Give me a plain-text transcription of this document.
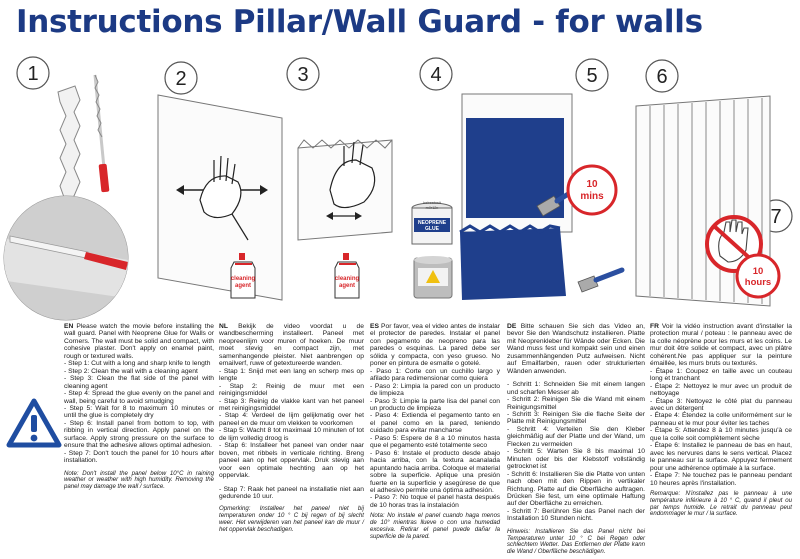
Instructions Pillar/Wall Guard - for walls
1	2	3	4	5	6
7
cleaning
agent
cleaning
agent
bebeatosit
m0r12x
NEOPRENE
GLUE
10
mins
10
hours

EN Please watch the movie before installing the wall guard. Panel with Neoprene Glue for Walls or Corners. The wall must be solid and compact, with cohesive plaster. Don't apply on enamel paint, rough or textured walls.

- Step 1: Cut with a long and sharp knife to length

- Step 2: Clean the wall with a cleaning agent

- Step 3: Clean the flat side of the panel with cleaning agent

- Step 4: Spread the glue evenly on the panel and wall, being careful to avoid smudging

- Step 5: Wait for 8 to maximum 10 minutes or until the glue is completely dry

- Step 6: Install panel from bottom to top, with ribbing in vertical direction. Apply panel on the surface. Apply strong pressure on the surface to ensure that the adhesive allows optimal adhesion.

- Step 7: Don't touch the panel for 10 hours after installation.

Note: Don't install the panel below 10°C in raining weather or weather with high humidity. Removing the panel may damage the wall / surface.

NL Bekijk de video voordat u de wandbescherming installeert. Paneel met neopreenlijm voor muren of hoeken. De muur moet stevig en compact zijn, met samenhangende pleister. Niet aanbrengen op emailverf, ruwe of getextureerde wanden.

- Stap 1: Snijd met een lang en scherp mes op lengte

- Stap 2: Reinig de muur met een reinigingsmiddel

- Stap 3: Reinig de vlakke kant van het paneel met reinigingsmiddel

- Stap 4: Verdeel de lijm gelijkmatig over het paneel en de muur om vlekken te voorkomen

- Stap 5: Wacht 8 tot maximaal 10 minuten of tot de lijm volledig droog is

- Stap 6: Installeer het paneel van onder naar boven, met ribbels in verticale richting. Breng paneel aan op het oppervlak. Druk stevig aan voor een optimale hechting aan op het oppervlak.

- Stap 7: Raak het paneel na installatie niet aan gedurende 10 uur.

Opmerking: Installeer het paneel niet bij temperaturen onder 10 ° C bij regen of bij slecht weer. Het verwijderen van het paneel kan de muur / het oppervlak beschadigen.

ES Por favor, vea el video antes de instalar el protector de paredes. Instalar el panel con pegamento de neopreno para las paredes o esquinas. La pared debe ser sólida y compacta, con yeso grueso. No poner en pintura de esmalte o gotelé.

- Paso 1: Corte con un cuchillo largo y afilado para redimensionar como quiera

- Paso 2: Limpia la pared con un producto de limpieza

- Paso 3: Limpie la parte lisa del panel con un producto de limpieza

- Paso 4: Extienda el pegamento tanto en el panel como en la pared, teniendo cuidado para evitar mancharse

- Paso 5: Espere de 8 a 10 minutos hasta que el pegamento esté totalmente seco

- Paso 6: Instale el producto desde abajo hacia arriba, con la textura acanalada apuntando hacia arriba. Coloque el material sobre la superficie. Aplique una presión fuerte en la superficie y asegúrese de que el adhesivo permite una óptima adhesión.

- Paso 7: No toque el panel hasta después de 10 horas tras la instalación

Nota: No instale el panel cuando haga menos de 10° mientras llueve o con una humedad excesiva. Retirar el panel puede dañar la superficie de la pared.

DE Bitte schauen Sie sich das Video an, bevor Sie den Wandschutz installieren. Platte mit Neoprenkleber für Wände oder Ecken. Die Wand muss fest und kompakt sein und einen zusammenhängenden Putz aufweisen. Nicht auf Emailfarben, rauen oder strukturierten Wänden anwenden.

- Schritt 1: Schneiden Sie mit einem langen und scharfen Messer ab

- Schritt 2: Reinigen Sie die Wand mit einem Reinigungsmittel

- Schritt 3: Reinigen Sie die flache Seite der Platte mit Reinigungsmittel

- Schritt 4: Verteilen Sie den Kleber gleichmäßig auf der Platte und der Wand, um Flecken zu vermeiden

- Schritt 5: Warten Sie 8 bis maximal 10 Minuten oder bis der Klebstoff vollständig getrocknet ist

- Schritt 6: Installieren Sie die Platte von unten nach oben mit den Rippen in vertikaler Richtung. Platte auf die Oberfläche auftragen. Drücken Sie fest, um eine optimale Haftung auf der Oberfläche zu erreichen.

- Schritt 7: Berühren Sie das Panel nach der Installation 10 Stunden nicht.

Hinweis: Installieren Sie das Panel nicht bei Temperaturen unter 10 ° C bei Regen oder schlechtem Wetter. Das Entfernen der Platte kann die Wand / Oberfläche beschädigen.

FR Voir la vidéo instruction avant d'installer la protection mural / poteau : le panneau avec de la colle néoprène pour les murs et les coins. Le mur doit être solide et compact, avec un plâtre cohérent.Ne pas appliquer sur la peinture émaillée, les murs bruts ou texturés.

- Étape 1: Coupez en taille avec un couteau long et tranchant

- Étape 2: Nettoyez le mur avec un produit de nettoyage

- Étape 3: Nettoyez le côté plat du panneau avec un détergent

- Étape 4: Étendez la colle uniformément sur le panneau et le mur pour éviter les taches

- Étape 5: Attendez 8 à 10 minutes jusqu'à ce que la colle soit complètement sèche

- Étape 6: Installez le panneau de bas en haut, avec les nervures dans le sens vertical. Placez le panneau sur la surface. Appuyez fermement pour une adhérence optimale à la surface.

- Étape 7: Ne touchez pas le panneau pendant 10 heures après l'installation.

Remarque: N'installez pas le panneau à une température inférieure à 10 ° C, quand il pleut ou par temps humide. Le retrait du panneau peut endommager le mur / la surface.
